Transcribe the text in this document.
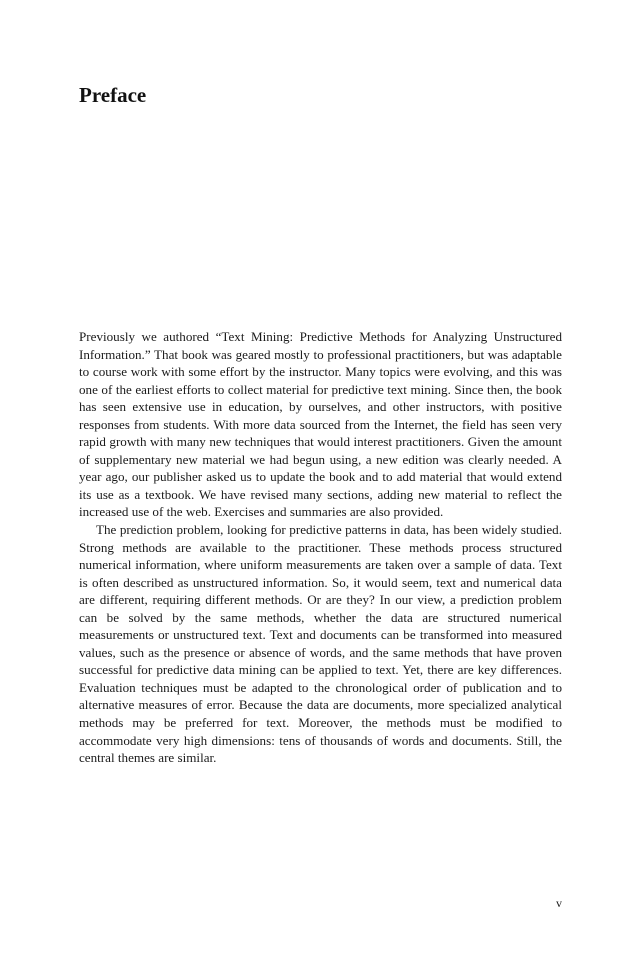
Preface

Previously we authored “Text Mining: Predictive Methods for Analyzing Unstructured Information.” That book was geared mostly to professional practitioners, but was adaptable to course work with some effort by the instructor. Many topics were evolving, and this was one of the earliest efforts to collect material for predictive text mining. Since then, the book has seen extensive use in education, by ourselves, and other instructors, with positive responses from students. With more data sourced from the Internet, the field has seen very rapid growth with many new techniques that would interest practitioners. Given the amount of supplementary new material we had begun using, a new edition was clearly needed. A year ago, our publisher asked us to update the book and to add material that would extend its use as a textbook. We have revised many sections, adding new material to reflect the increased use of the web. Exercises and summaries are also provided.

The prediction problem, looking for predictive patterns in data, has been widely studied. Strong methods are available to the practitioner. These methods process structured numerical information, where uniform measurements are taken over a sample of data. Text is often described as unstructured information. So, it would seem, text and numerical data are different, requiring different methods. Or are they? In our view, a prediction problem can be solved by the same methods, whether the data are structured numerical measurements or unstructured text. Text and documents can be transformed into measured values, such as the presence or absence of words, and the same methods that have proven successful for predictive data mining can be applied to text. Yet, there are key differences. Evaluation techniques must be adapted to the chronological order of publication and to alternative measures of error. Because the data are documents, more specialized analytical methods may be preferred for text. Moreover, the methods must be modified to accommodate very high dimensions: tens of thousands of words and documents. Still, the central themes are similar.

v
